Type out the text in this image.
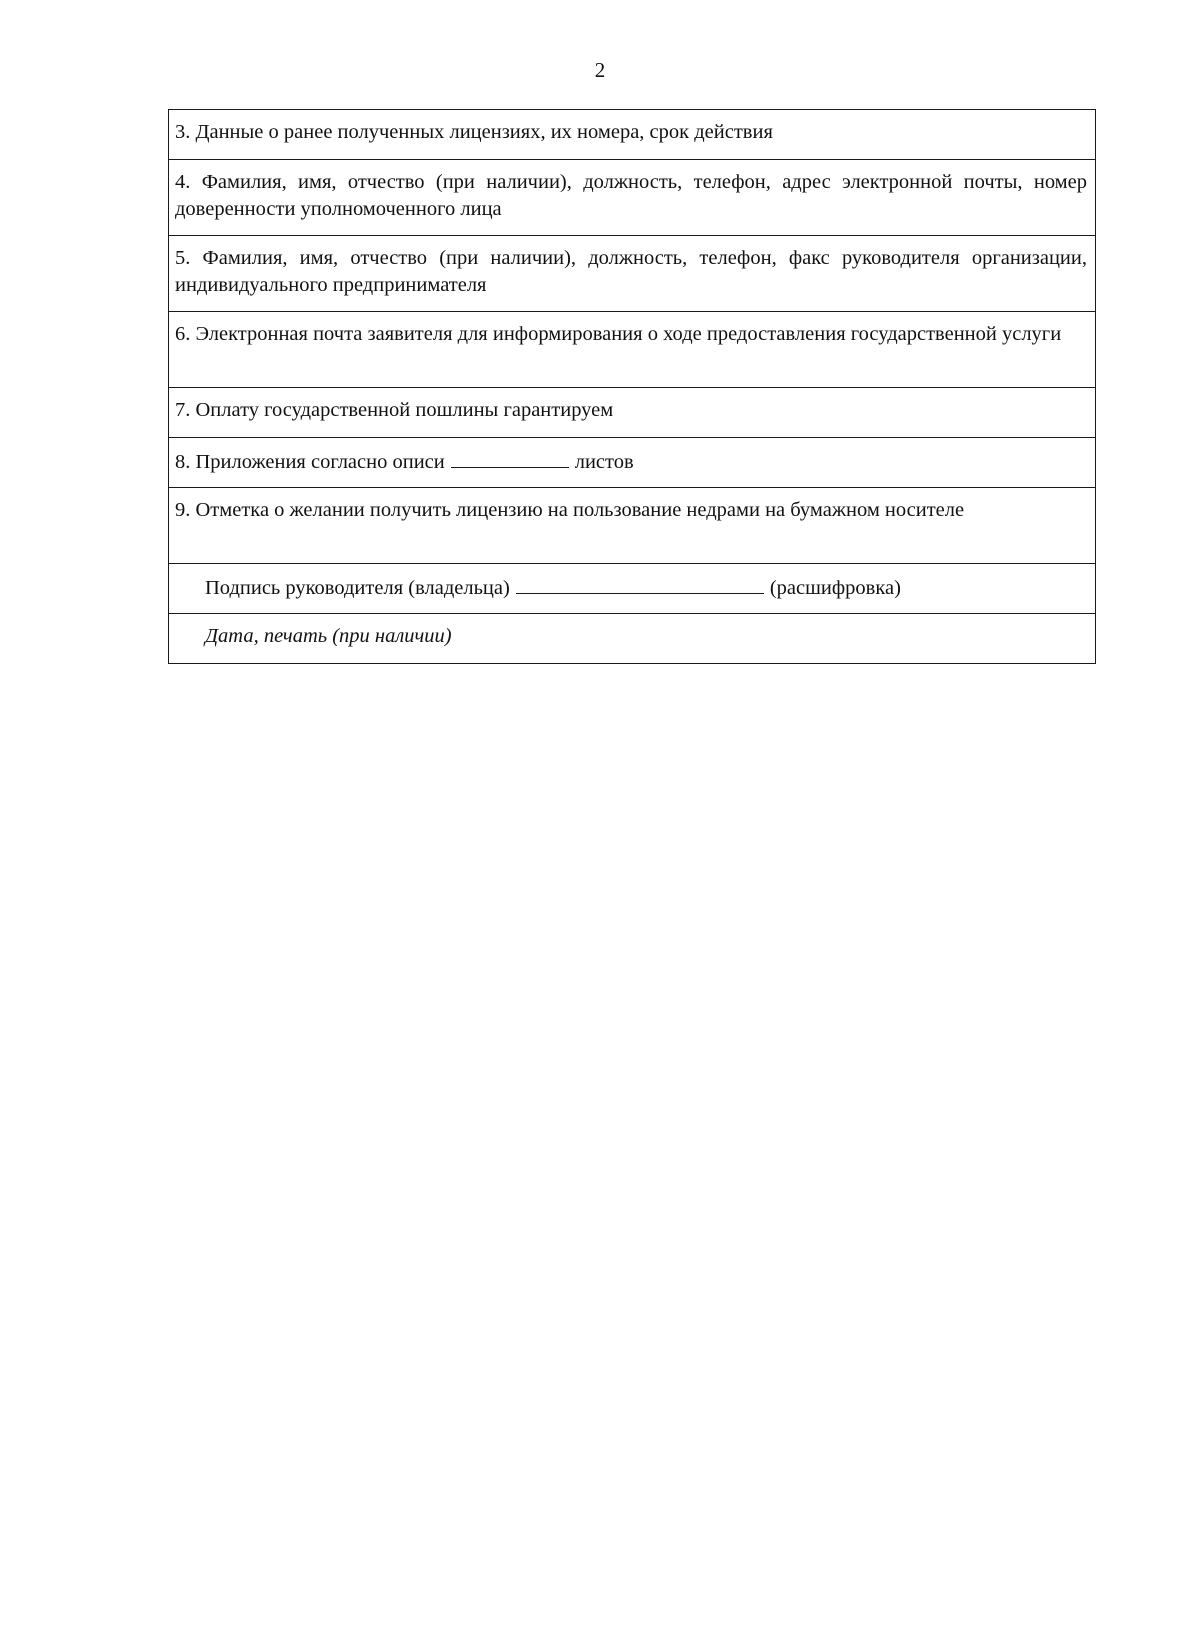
2
3. Данные о ранее полученных лицензиях, их номера, срок действия
4. Фамилия, имя, отчество (при наличии), должность, телефон, адрес электронной почты, номер доверенности уполномоченного лица
5. Фамилия, имя, отчество (при наличии), должность, телефон, факс руководителя организации, индивидуального предпринимателя
6. Электронная почта заявителя для информирования о ходе предоставления государственной услуги
7. Оплату государственной пошлины гарантируем
8. Приложения согласно описи	листов
9. Отметка о желании получить лицензию на пользование недрами на бумажном носителе
Подпись руководителя (владельца)	(расшифровка)
Дата, печать (при наличии)
